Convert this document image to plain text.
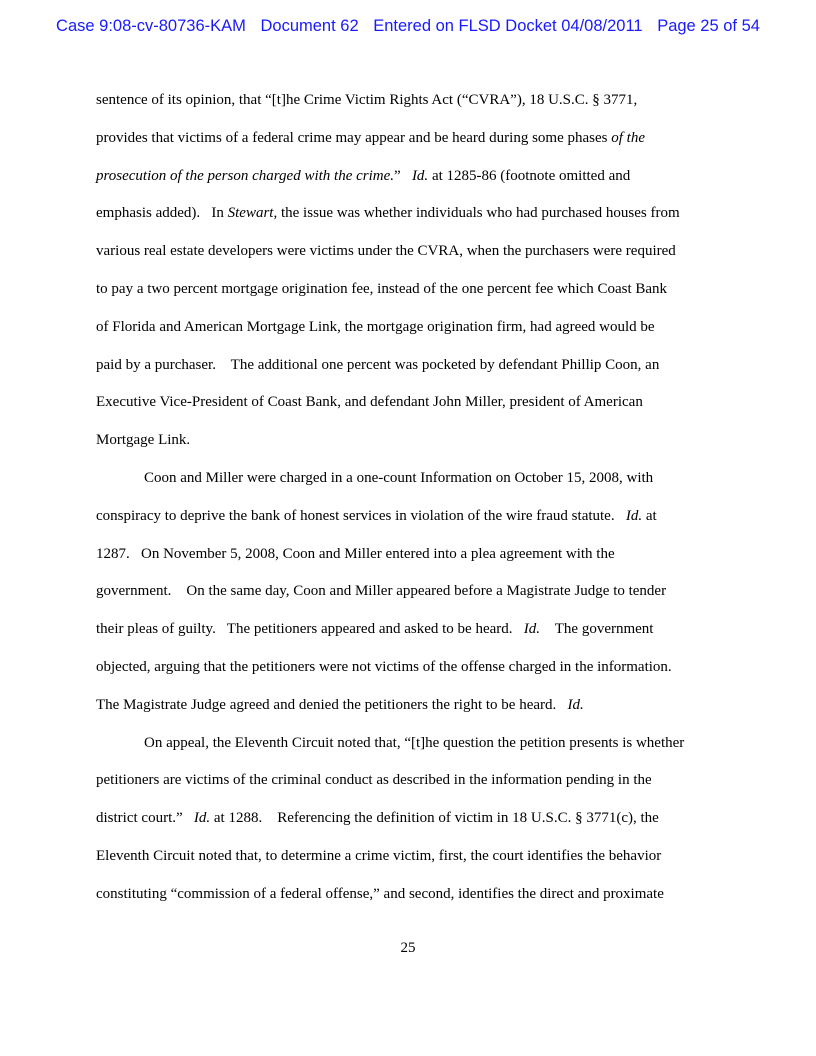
Case 9:08-cv-80736-KAM Document 62 Entered on FLSD Docket 04/08/2011 Page 25 of 54
sentence of its opinion, that “[t]he Crime Victim Rights Act (“CVRA”), 18 U.S.C. § 3771,
provides that victims of a federal crime may appear and be heard during some phases of the
prosecution of the person charged with the crime.”   Id. at 1285-86 (footnote omitted and
emphasis added).   In Stewart, the issue was whether individuals who had purchased houses from
various real estate developers were victims under the CVRA, when the purchasers were required
to pay a two percent mortgage origination fee, instead of the one percent fee which Coast Bank
of Florida and American Mortgage Link, the mortgage origination firm, had agreed would be
paid by a purchaser.    The additional one percent was pocketed by defendant Phillip Coon, an
Executive Vice-President of Coast Bank, and defendant John Miller, president of American
Mortgage Link.
Coon and Miller were charged in a one-count Information on October 15, 2008, with
conspiracy to deprive the bank of honest services in violation of the wire fraud statute.   Id. at
1287.   On November 5, 2008, Coon and Miller entered into a plea agreement with the
government.    On the same day, Coon and Miller appeared before a Magistrate Judge to tender
their pleas of guilty.   The petitioners appeared and asked to be heard.   Id.    The government
objected, arguing that the petitioners were not victims of the offense charged in the information.
The Magistrate Judge agreed and denied the petitioners the right to be heard.   Id.
On appeal, the Eleventh Circuit noted that, “[t]he question the petition presents is whether
petitioners are victims of the criminal conduct as described in the information pending in the
district court.”   Id. at 1288.    Referencing the definition of victim in 18 U.S.C. § 3771(c), the
Eleventh Circuit noted that, to determine a crime victim, first, the court identifies the behavior
constituting “commission of a federal offense,” and second, identifies the direct and proximate
25
